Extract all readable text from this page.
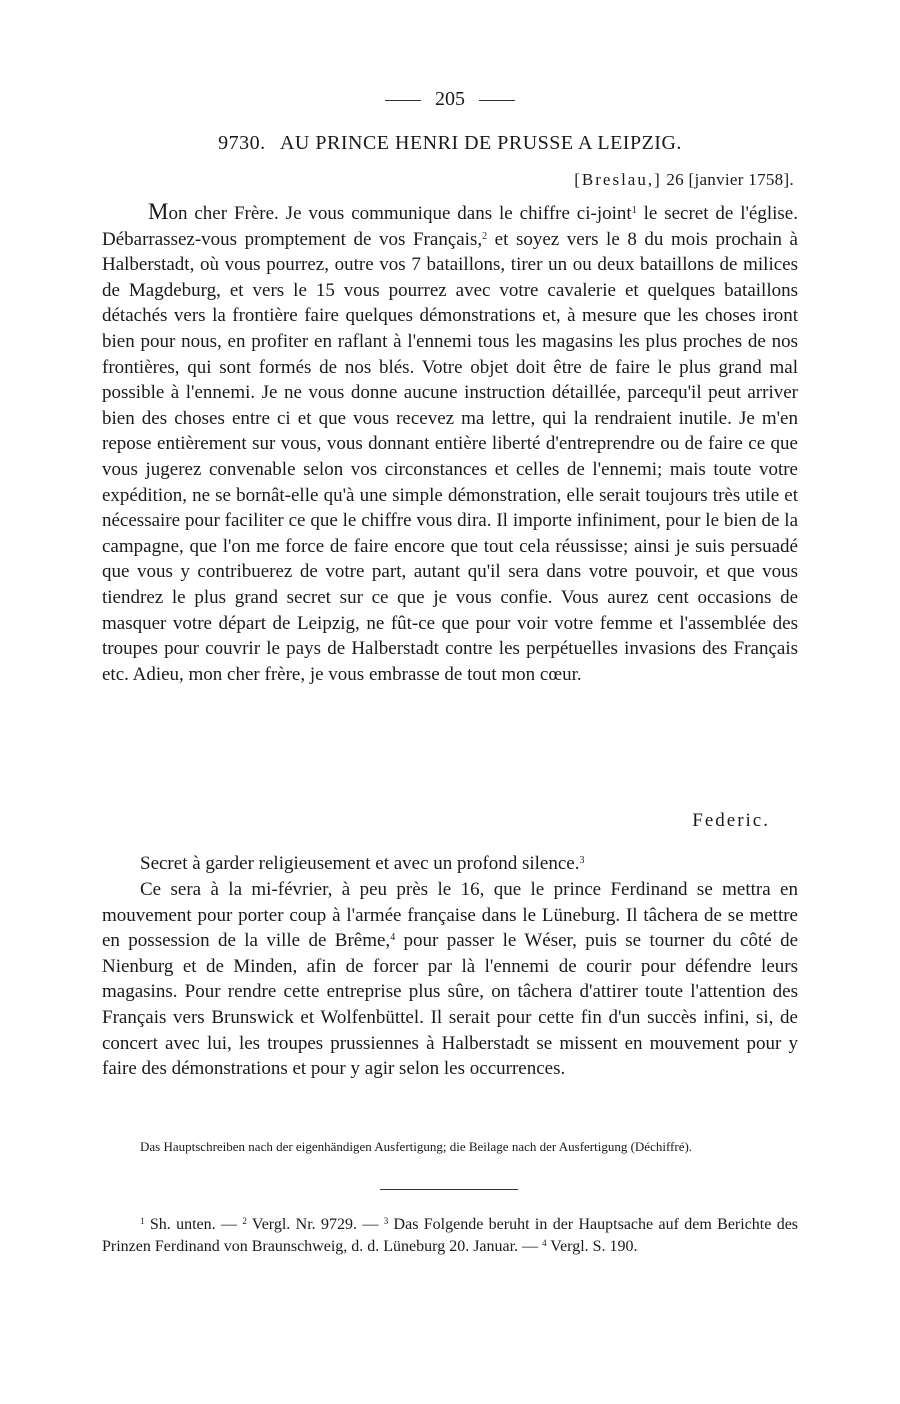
205
9730. AU PRINCE HENRI DE PRUSSE A LEIPZIG.
[Breslau,] 26 [janvier 1758].

Mon cher Frère. Je vous communique dans le chiffre ci-joint$^1$ le secret de l'église. Débarrassez-vous promptement de vos Français,$^2$ et soyez vers le 8 du mois prochain à Halberstadt, où vous pourrez, outre vos 7 bataillons, tirer un ou deux bataillons de milices de Magdeburg, et vers le 15 vous pourrez avec votre cavalerie et quelques bataillons détachés vers la frontière faire quelques démonstrations et, à mesure que les choses iront bien pour nous, en profiter en raflant à l'ennemi tous les magasins les plus proches de nos frontières, qui sont formés de nos blés. Votre objet doit être de faire le plus grand mal possible à l'ennemi. Je ne vous donne aucune instruction détaillée, parcequ'il peut arriver bien des choses entre ci et que vous recevez ma lettre, qui la rendraient inutile. Je m'en repose entièrement sur vous, vous donnant entière liberté d'entreprendre ou de faire ce que vous jugerez convenable selon vos circonstances et celles de l'ennemi; mais toute votre expédition, ne se bornât-elle qu'à une simple démonstration, elle serait toujours très utile et nécessaire pour faciliter ce que le chiffre vous dira. Il importe infiniment, pour le bien de la campagne, que l'on me force de faire encore que tout cela réussisse; ainsi je suis persuadé que vous y contribuerez de votre part, autant qu'il sera dans votre pouvoir, et que vous tiendrez le plus grand secret sur ce que je vous confie. Vous aurez cent occasions de masquer votre départ de Leipzig, ne fût-ce que pour voir votre femme et l'assemblée des troupes pour couvrir le pays de Halberstadt contre les perpétuelles invasions des Français etc. Adieu, mon cher frère, je vous embrasse de tout mon cœur.

Federic.

Secret à garder religieusement et avec un profond silence.$^3$

Ce sera à la mi-février, à peu près le 16, que le prince Ferdinand se mettra en mouvement pour porter coup à l'armée française dans le Lüneburg. Il tâchera de se mettre en possession de la ville de Brême,$^4$ pour passer le Wéser, puis se tourner du côté de Nienburg et de Minden, afin de forcer par là l'ennemi de courir pour défendre leurs magasins. Pour rendre cette entreprise plus sûre, on tâchera d'attirer toute l'attention des Français vers Brunswick et Wolfenbüttel. Il serait pour cette fin d'un succès infini, si, de concert avec lui, les troupes prussiennes à Halberstadt se missent en mouvement pour y faire des démonstrations et pour y agir selon les occurrences.

Das Hauptschreiben nach der eigenhändigen Ausfertigung; die Beilage nach der Ausfertigung (Déchiffré).

$^1$ Sh. unten. — $^2$ Vergl. Nr. 9729. — $^3$ Das Folgende beruht in der Hauptsache auf dem Berichte des Prinzen Ferdinand von Braunschweig, d. d. Lüneburg 20. Januar. — $^4$ Vergl. S. 190.
